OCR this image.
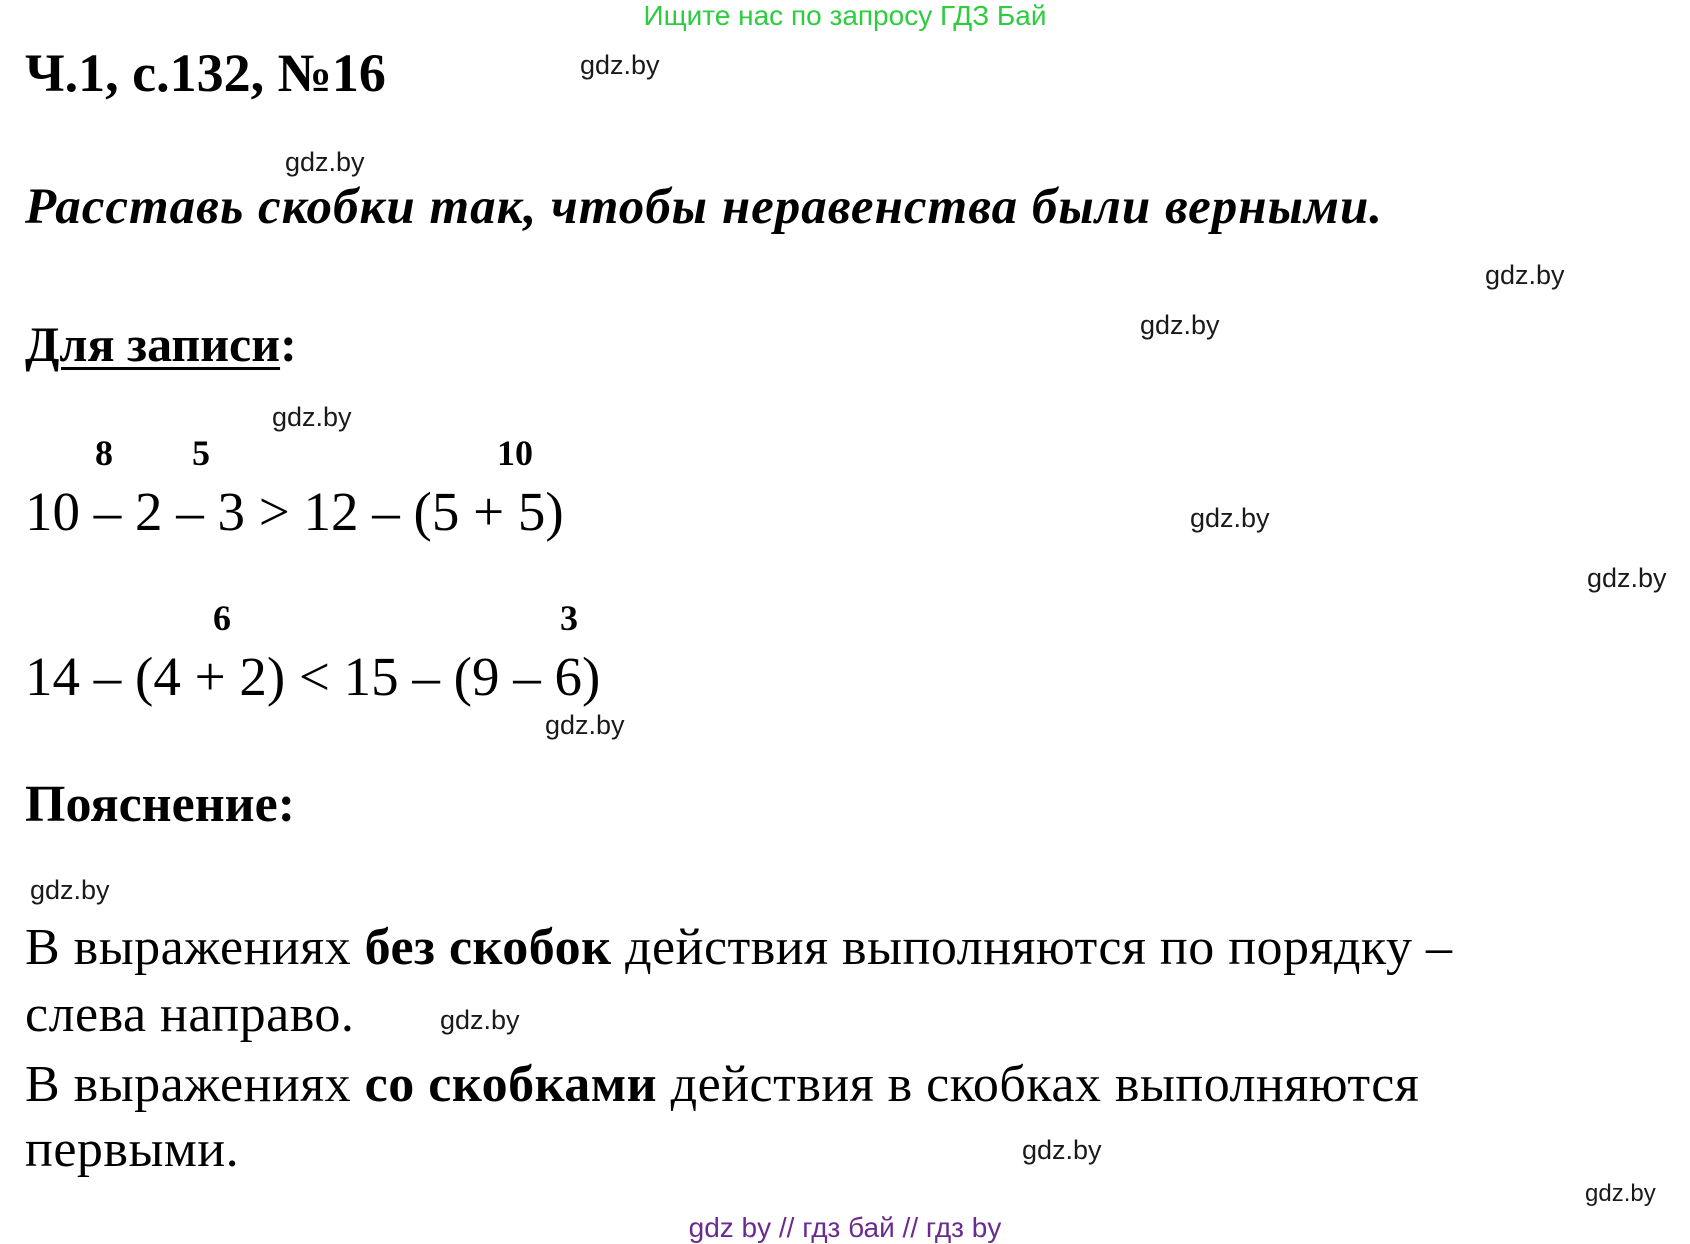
Ищите нас по запросу ГДЗ Бай
Ч.1, с.132, №16
Расставь скобки так, чтобы неравенства были верными.
Для записи:
8 5	10
10 – 2 – 3 > 12 – (5 + 5)
6	3
14 – (4 + 2) < 15 – (9 – 6)
Пояснение:
В выражениях без скобок действия выполняются по порядку –
слева направо.
В выражениях со скобками действия в скобках выполняются
первыми.
gdz.by
gdz.by
gdz.by
gdz.by
gdz.by
gdz.by
gdz.by
gdz.by
gdz.by
gdz.by
gdz.by
gdz.by
gdz by // гдз бай // гдз by
